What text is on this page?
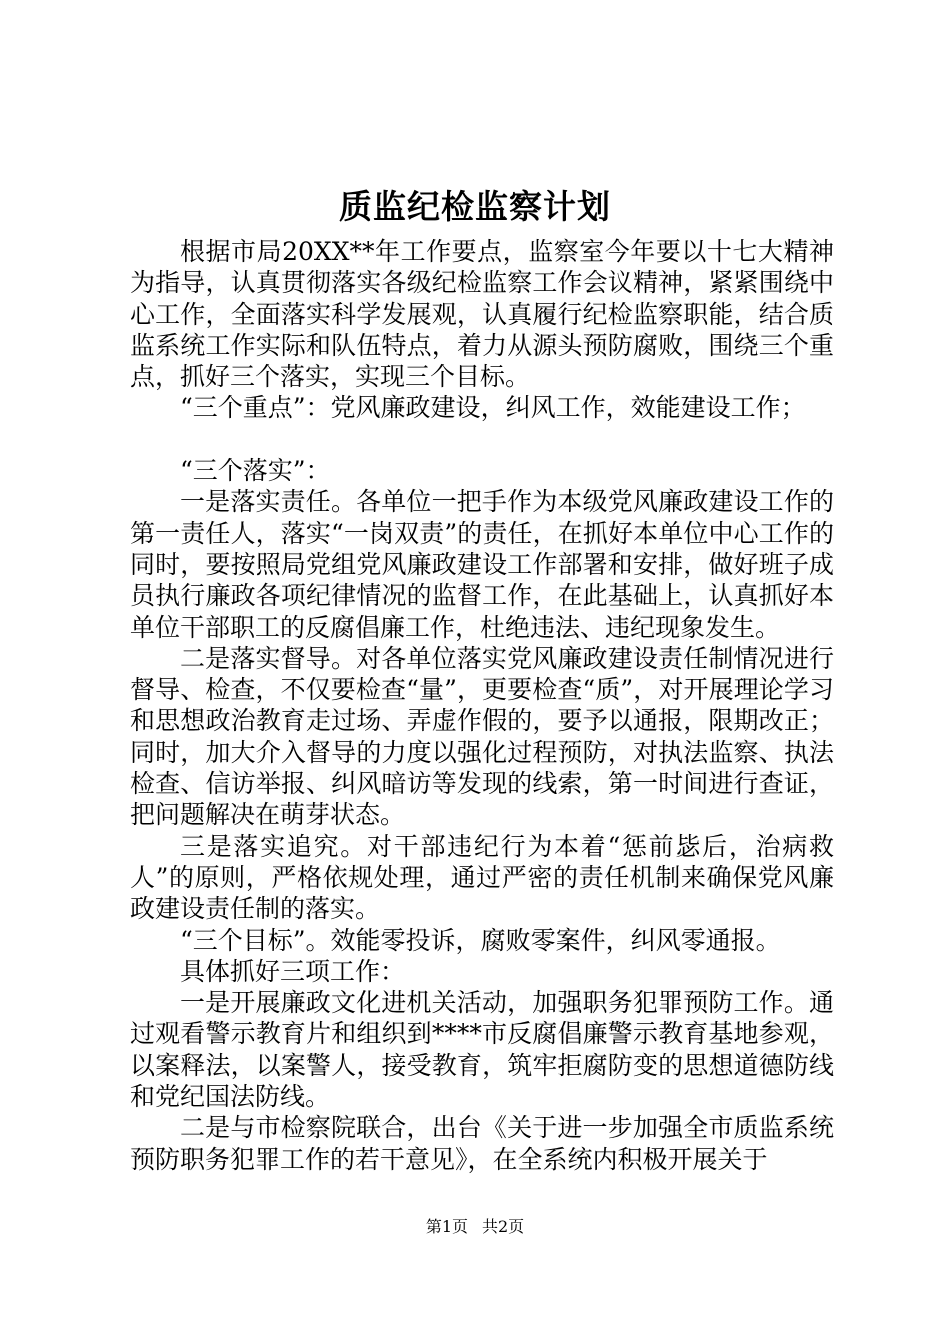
质监纪检监察计划

根据市局20XX**年工作要点，监察室今年要以十七大精神为指导，认真贯彻落实各级纪检监察工作会议精神，紧紧围绕中心工作，全面落实科学发展观，认真履行纪检监察职能，结合质监系统工作实际和队伍特点，着力从源头预防腐败，围绕三个重点，抓好三个落实，实现三个目标。

“三个重点”：党风廉政建设，纠风工作，效能建设工作；

“三个落实”：

一是落实责任。各单位一把手作为本级党风廉政建设工作的第一责任人，落实“一岗双责”的责任，在抓好本单位中心工作的同时，要按照局党组党风廉政建设工作部署和安排，做好班子成员执行廉政各项纪律情况的监督工作，在此基础上，认真抓好本单位干部职工的反腐倡廉工作，杜绝违法、违纪现象发生。

二是落实督导。对各单位落实党风廉政建设责任制情况进行督导、检查，不仅要检查“量”，更要检查“质”，对开展理论学习和思想政治教育走过场、弄虚作假的，要予以通报，限期改正；同时，加大介入督导的力度以强化过程预防，对执法监察、执法检查、信访举报、纠风暗访等发现的线索，第一时间进行查证，把问题解决在萌芽状态。

三是落实追究。对干部违纪行为本着“惩前毖后，治病救人”的原则，严格依规处理，通过严密的责任机制来确保党风廉政建设责任制的落实。

“三个目标”。效能零投诉，腐败零案件，纠风零通报。

具体抓好三项工作：

一是开展廉政文化进机关活动，加强职务犯罪预防工作。通过观看警示教育片和组织到****市反腐倡廉警示教育基地参观，以案释法，以案警人，接受教育，筑牢拒腐防变的思想道德防线和党纪国法防线。

二是与市检察院联合，出台《关于进一步加强全市质监系统预防职务犯罪工作的若干意见》，在全系统内积极开展关于

第1页 共2页
